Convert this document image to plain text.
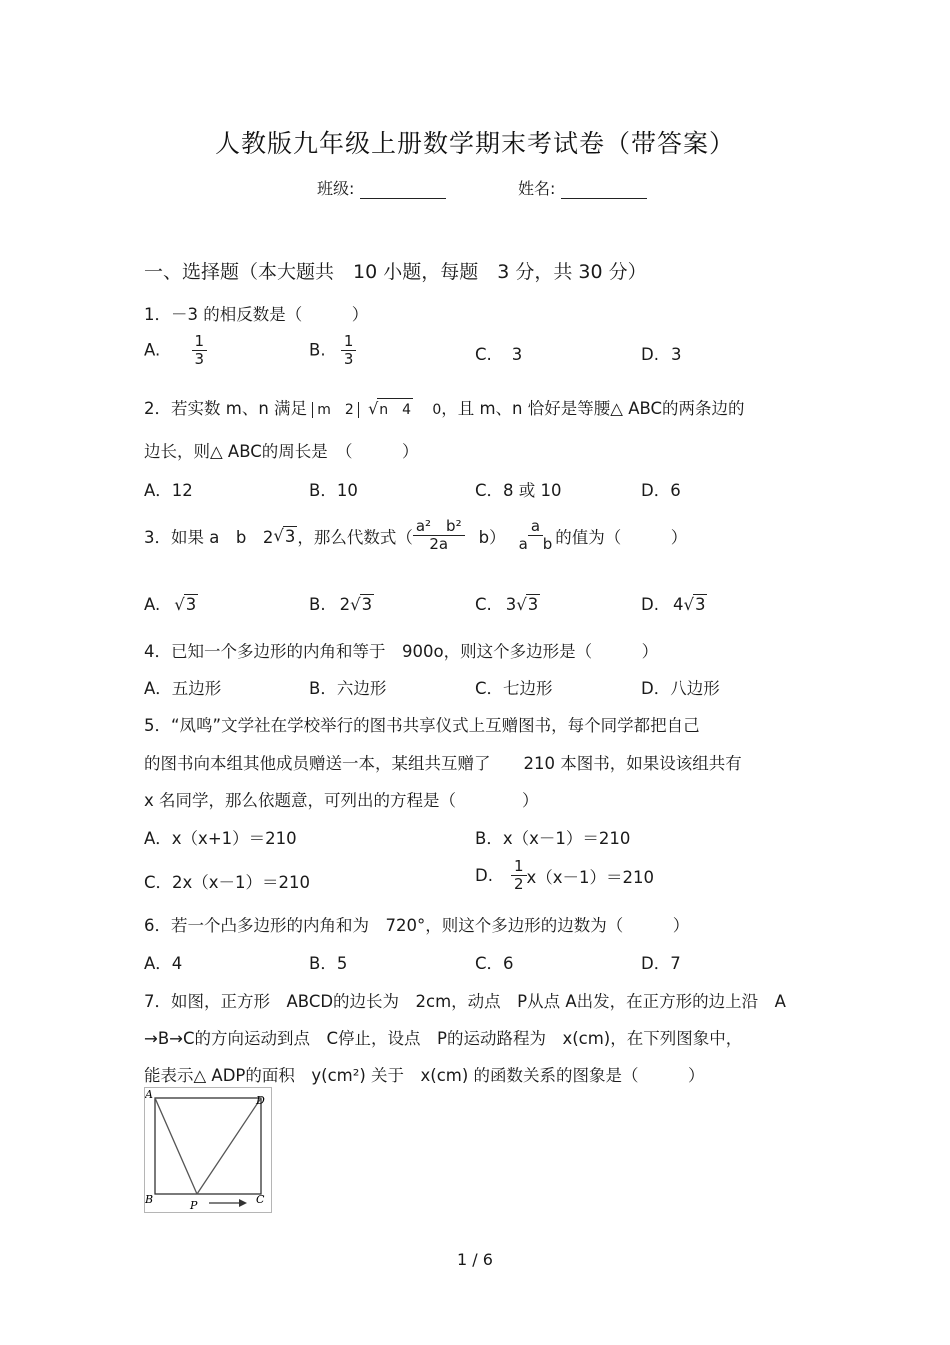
人教版九年级上册数学期末考试卷（带答案）
班级:	姓名:
一、选择题（本大题共　10 小题，每题　3 分，共 30 分）
1．－3 的相反数是（　　　）
A. $\frac{1}{3}$	B. $\frac{1}{3}$	C. 3	D. 3
2．若实数 m、n 满足 m　2 √n　4 0，且 m、n 恰好是等腰△ ABC的两条边的
边长，则△ ABC的周长是　（　　　）
A．12	B．10	C．8 或 10	D．6
3．如果 a　b　2 √ 3 ，那么代数式（ $\frac{\text{a²　b²}}{2a} b) \frac{a}{\text{a　b}}$ 的值为（　　　）
A. √3	B. 2√3	C. 3√3	D. 4√3
4．已知一个多边形的内角和等于　900o，则这个多边形是（　　　）
A．五边形	B．六边形	C．七边形	D．八边形
5．“凤鸣”文学社在学校举行的图书共享仪式上互赠图书，每个同学都把自己
的图书向本组其他成员赠送一本，某组共互赠了　　210 本图书，如果设该组共有
x 名同学，那么依题意，可列出的方程是（　　　　）
A．x（x+1）＝210	B．x（x－1）＝210
C．2x（x－1）＝210	D. $\frac{1}{2} x(x-1)=210$
6．若一个凸多边形的内角和为　720°，则这个多边形的边数为（　　　）
A．4	B．5	C．6	D．7
7．如图，正方形　ABCD的边长为　2cm，动点　P从点 A出发，在正方形的边上沿　A
→B→C的方向运动到点　C停止，设点　P的运动路程为　x(cm)，在下列图象中，
能表示△ ADP的面积　y(cm²) 关于　x(cm) 的函数关系的图象是（　　　）
A	D
B	C
P
1 / 6
